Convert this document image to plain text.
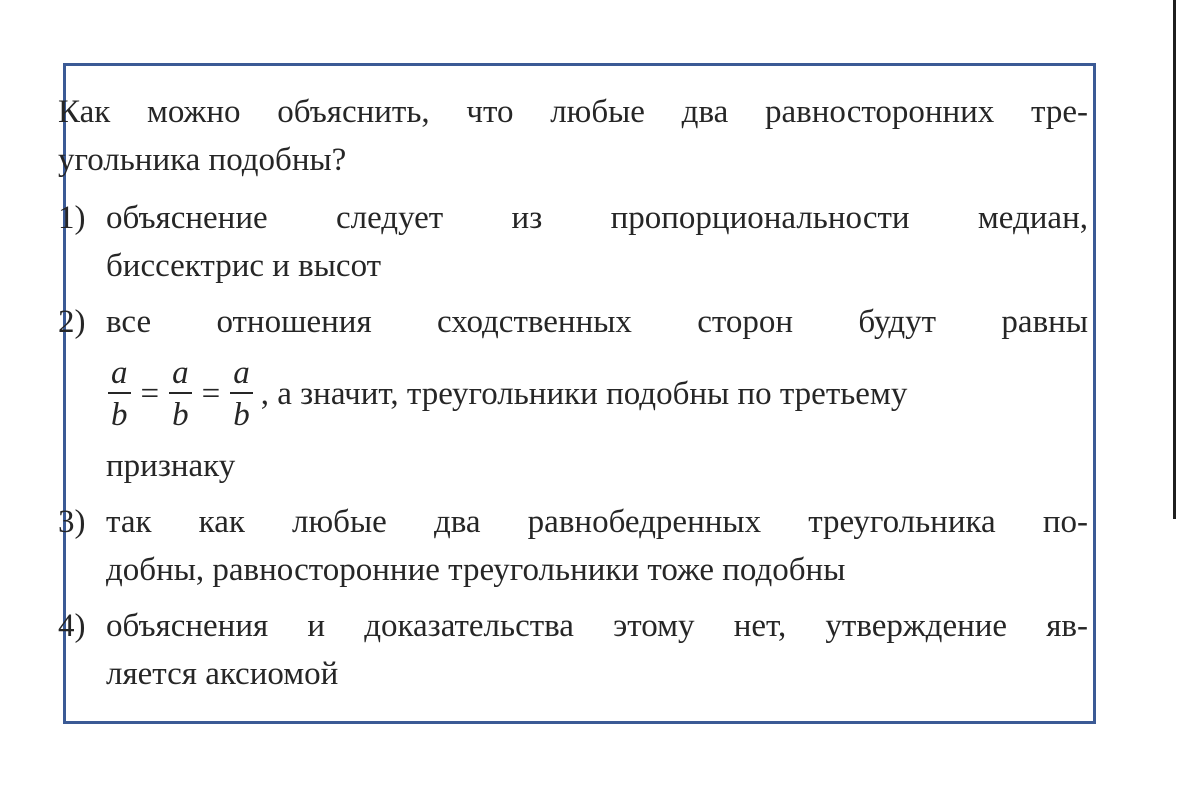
Как можно объяснить, что любые два равносторонних тре-
угольника подобны?

1) объяснение следует из пропорциональности медиан,
биссектрис и высот
2) все отношения сходственных сторон будут равны
$\frac{a}{b} = \frac{a}{b} = \frac{a}{b}$ , а значит, треугольники подобны по третьему
признаку
3) так как любые два равнобедренных треугольника по-
добны, равносторонние треугольники тоже подобны
4) объяснения и доказательства этому нет, утверждение яв-
ляется аксиомой
